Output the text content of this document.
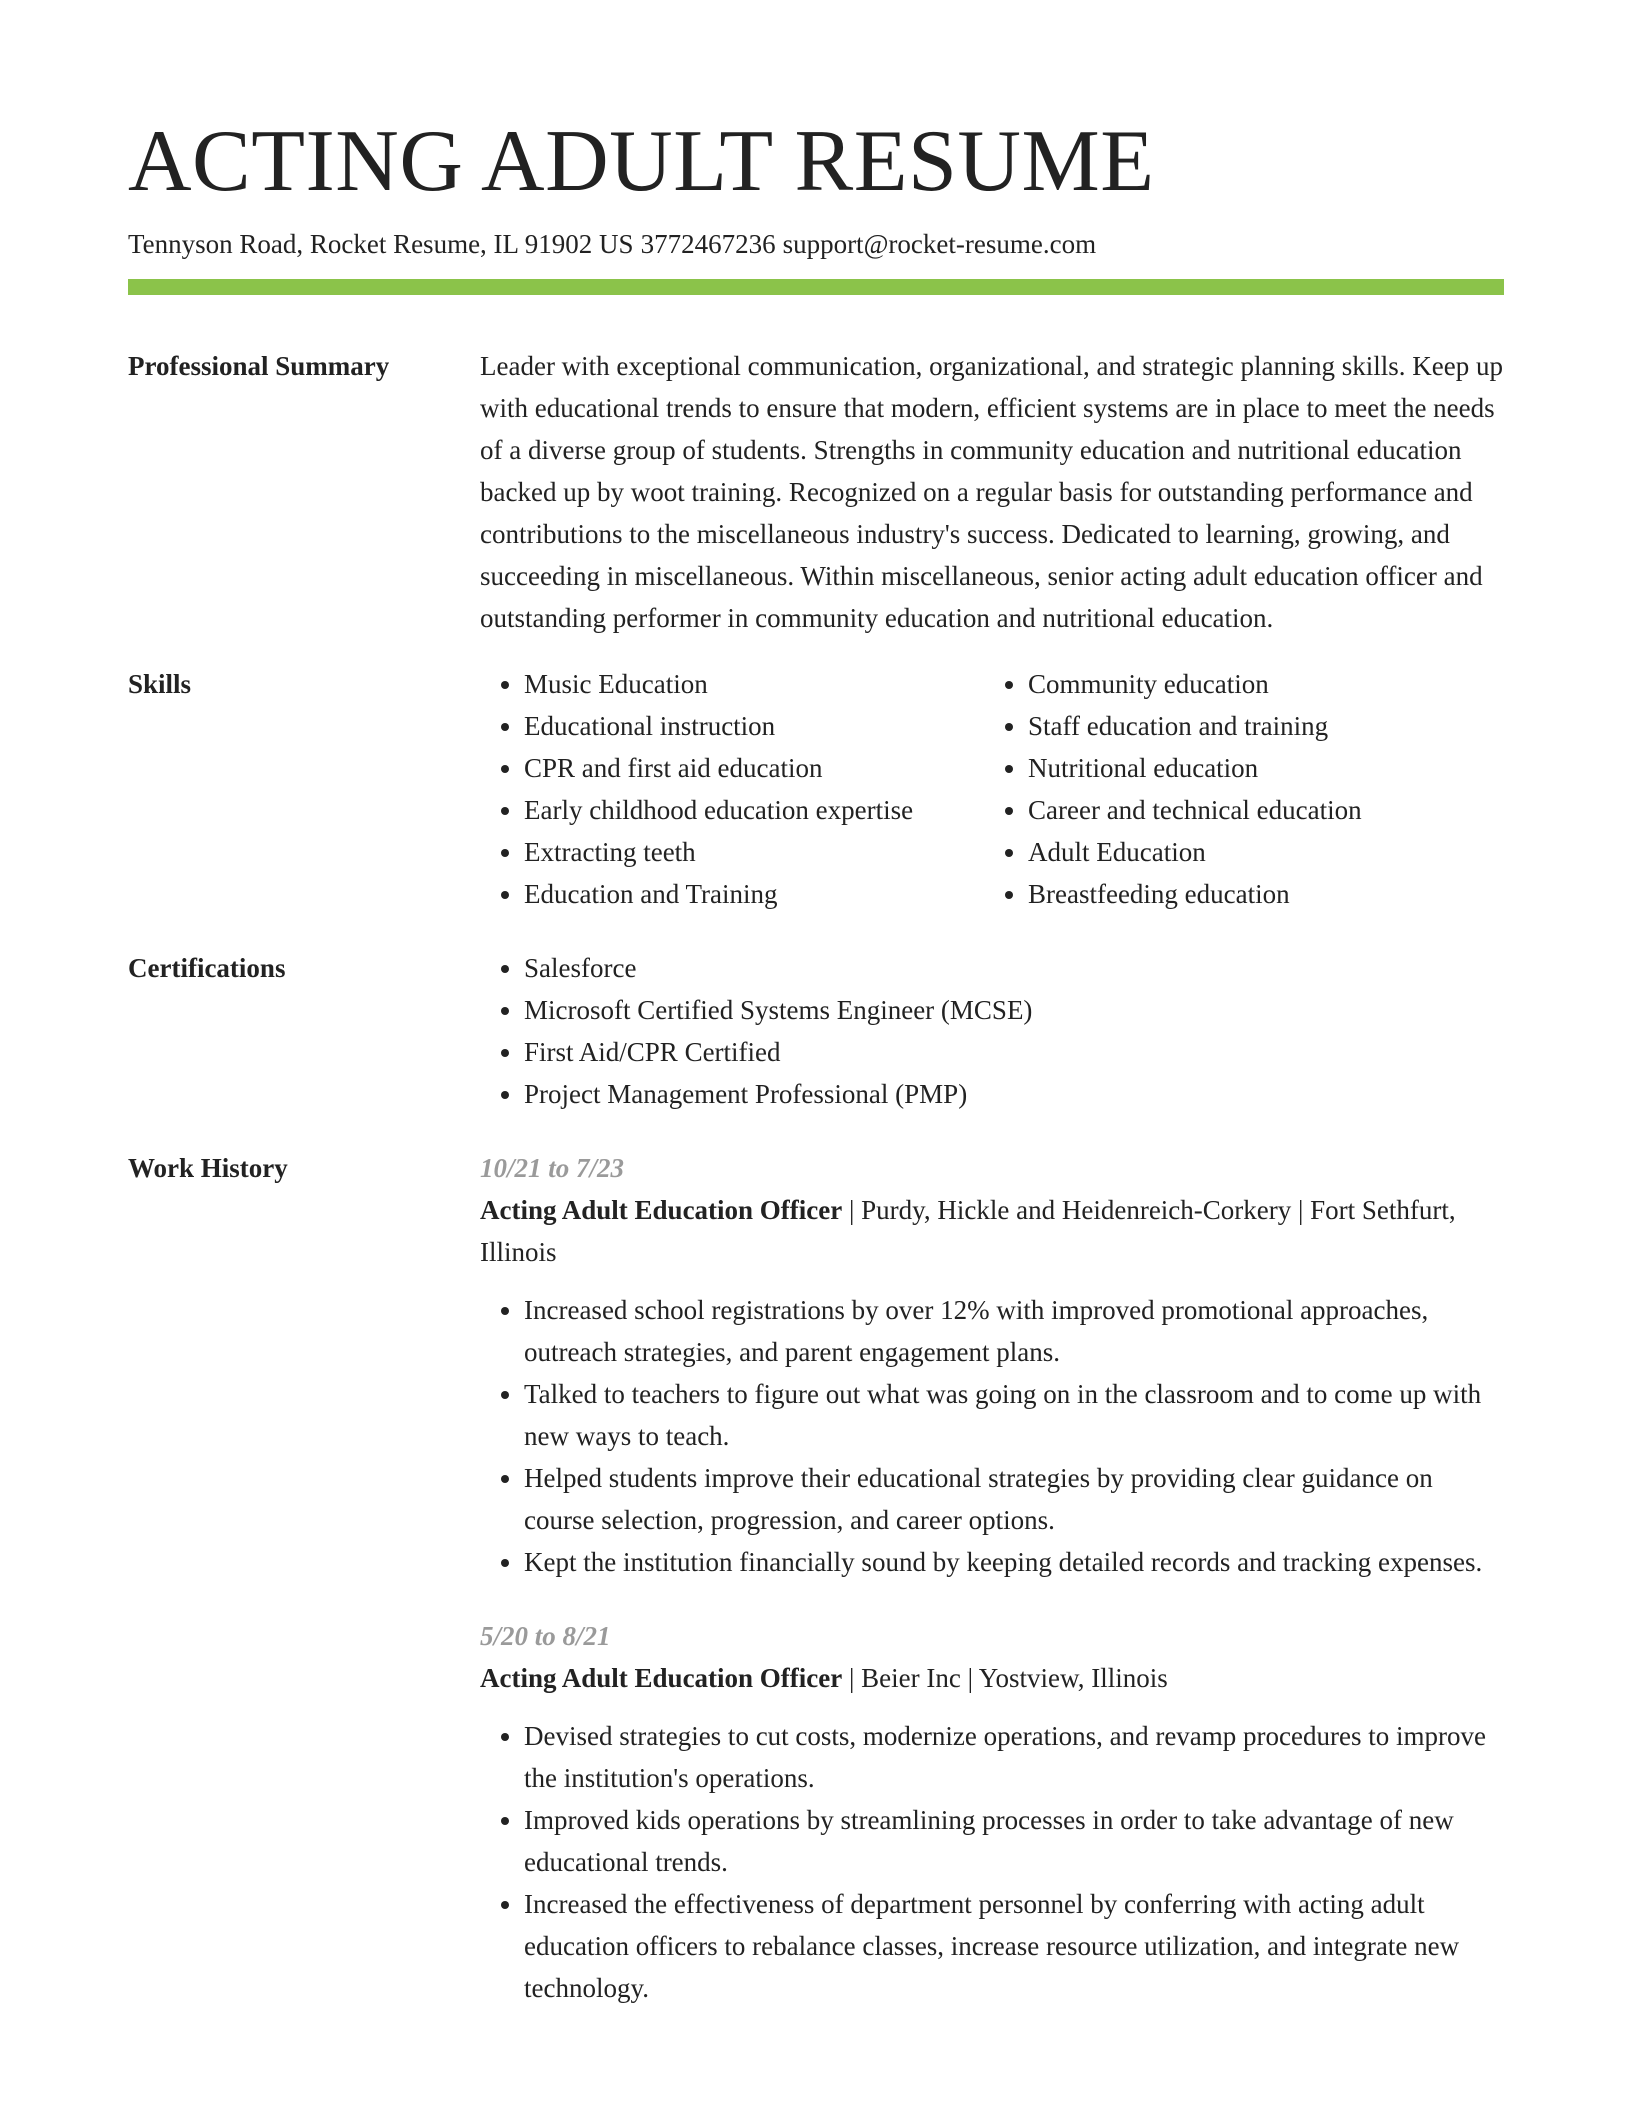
ACTING ADULT RESUME
Tennyson Road, Rocket Resume, IL 91902 US 3772467236 support@rocket-resume.com
Professional Summary	Leader with exceptional communication, organizational, and strategic planning skills. Keep up with educational trends to ensure that modern, efficient systems are in place to meet the needs of a diverse group of students. Strengths in community education and nutritional education backed up by woot training. Recognized on a regular basis for outstanding performance and contributions to the miscellaneous industry's success. Dedicated to learning, growing, and succeeding in miscellaneous. Within miscellaneous, senior acting adult education officer and outstanding performer in community education and nutritional education.

Skills	• Music Education
• Educational instruction
• CPR and first aid education
• Early childhood education expertise
• Extracting teeth
• Education and Training
• Community education
• Staff education and training
• Nutritional education
• Career and technical education
• Adult Education
• Breastfeeding education
Certifications	• Salesforce
• Microsoft Certified Systems Engineer (MCSE)
• First Aid/CPR Certified
• Project Management Professional (PMP)
Work History	10/21 to 7/23
Acting Adult Education Officer | Purdy, Hickle and Heidenreich-Corkery | Fort Sethfurt, Illinois
• Increased school registrations by over 12% with improved promotional approaches, outreach strategies, and parent engagement plans.
• Talked to teachers to figure out what was going on in the classroom and to come up with new ways to teach.
• Helped students improve their educational strategies by providing clear guidance on course selection, progression, and career options.
• Kept the institution financially sound by keeping detailed records and tracking expenses.
5/20 to 8/21
Acting Adult Education Officer | Beier Inc | Yostview, Illinois
• Devised strategies to cut costs, modernize operations, and revamp procedures to improve the institution's operations.
• Improved kids operations by streamlining processes in order to take advantage of new educational trends.
• Increased the effectiveness of department personnel by conferring with acting adult education officers to rebalance classes, increase resource utilization, and integrate new technology.
